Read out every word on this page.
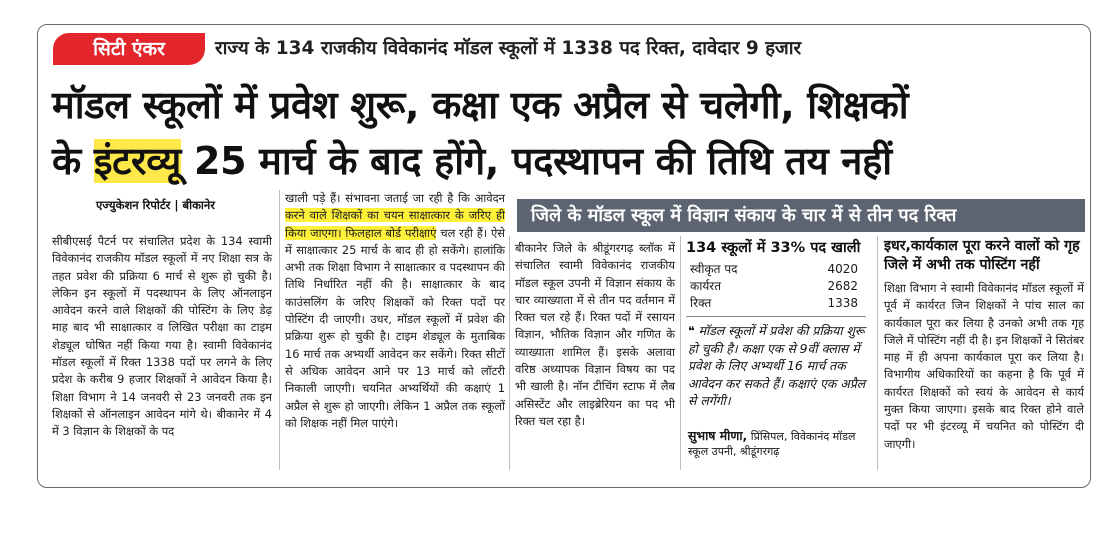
सिटी एंकर	राज्य के 134 राजकीय विवेकानंद मॉडल स्कूलों में 1338 पद रिक्त, दावेदार 9 हजार
मॉडल स्कूलों में प्रवेश शुरू, कक्षा एक अप्रैल से चलेगी, शिक्षकों
के इंटरव्यू 25 मार्च के बाद होंगे, पदस्थापन की तिथि तय नहीं
एज्युकेशन रिपोर्टर | बीकानेर
सीबीएसई पैटर्न पर संचालित प्रदेश के 134 स्वामी विवेकानंद राजकीय मॉडल स्कूलों में नए शिक्षा सत्र के तहत प्रवेश की प्रक्रिया 6 मार्च से शुरू हो चुकी है। लेकिन इन स्कूलों में पदस्थापन के लिए ऑनलाइन आवेदन करने वाले शिक्षकों की पोस्टिंग के लिए डेढ़ माह बाद भी साक्षात्कार व लिखित परीक्षा का टाइम शेड्यूल घोषित नहीं किया गया है। स्वामी विवेकानंद मॉडल स्कूलों में रिक्त 1338 पदों पर लगने के लिए प्रदेश के करीब 9 हजार शिक्षकों ने आवेदन किया है। शिक्षा विभाग ने 14 जनवरी से 23 जनवरी तक इन शिक्षकों से ऑनलाइन आवेदन मांगे थे। बीकानेर में 4 में 3 विज्ञान के शिक्षकों के पद
खाली पड़े हैं। संभावना जताई जा रही है कि आवेदन करने वाले शिक्षकों का चयन साक्षात्कार के जरिए ही किया जाएगा। फिलहाल बोर्ड परीक्षाएं चल रही हैं। ऐसे में साक्षात्कार 25 मार्च के बाद ही हो सकेंगे। हालांकि अभी तक शिक्षा विभाग ने साक्षात्कार व पदस्थापन की तिथि निर्धारित नहीं की है। साक्षात्कार के बाद काउंसलिंग के जरिए शिक्षकों को रिक्त पदों पर पोस्टिंग दी जाएगी। उधर, मॉडल स्कूलों में प्रवेश की प्रक्रिया शुरू हो चुकी है। टाइम शेड्यूल के मुताबिक 16 मार्च तक अभ्यर्थी आवेदन कर सकेंगे। रिक्त सीटों से अधिक आवेदन आने पर 13 मार्च को लॉटरी निकाली जाएगी। चयनित अभ्यर्थियों की कक्षाएं 1 अप्रैल से शुरू हो जाएगी। लेकिन 1 अप्रैल तक स्कूलों को शिक्षक नहीं मिल पाएंगे।
जिले के मॉडल स्कूल में विज्ञान संकाय के चार में से तीन पद रिक्त
बीकानेर जिले के श्रीडूंगरगढ़ ब्लॉक में संचालित स्वामी विवेकानंद राजकीय मॉडल स्कूल उपनी में विज्ञान संकाय के चार व्याख्याता में से तीन पद वर्तमान में रिक्त चल रहे हैं। रिक्त पदों में रसायन विज्ञान, भौतिक विज्ञान और गणित के व्याख्याता शामिल हैं। इसके अलावा वरिष्ठ अध्यापक विज्ञान विषय का पद भी खाली है। नॉन टीचिंग स्टाफ में लैब असिस्टेंट और लाइब्रेरियन का पद भी रिक्त चल रहा है।
134 स्कूलों में 33% पद खाली
स्वीकृत पद	4020
कार्यरत	2682
रिक्त	1338
❝ मॉडल स्कूलों में प्रवेश की प्रक्रिया शुरू हो चुकी है। कक्षा एक से 9वीं क्लास में प्रवेश के लिए अभ्यर्थी 16 मार्च तक आवेदन कर सकते हैं। कक्षाएं एक अप्रैल से लगेंगी।
सुभाष मीणा, प्रिंसिपल, विवेकानंद मॉडल स्कूल उपनी, श्रीडूंगरगढ़
इधर,कार्यकाल पूरा करने वालों को गृह जिले में अभी तक पोस्टिंग नहीं
शिक्षा विभाग ने स्वामी विवेकानंद मॉडल स्कूलों में पूर्व में कार्यरत जिन शिक्षकों ने पांच साल का कार्यकाल पूरा कर लिया है उनको अभी तक गृह जिले में पोस्टिंग नहीं दी है। इन शिक्षकों ने सितंबर माह में ही अपना कार्यकाल पूरा कर लिया है। विभागीय अधिकारियों का कहना है कि पूर्व में कार्यरत शिक्षकों को स्वयं के आवेदन से कार्य मुक्त किया जाएगा। इसके बाद रिक्त होने वाले पदों पर भी इंटरव्यू में चयनित को पोस्टिंग दी जाएगी।
